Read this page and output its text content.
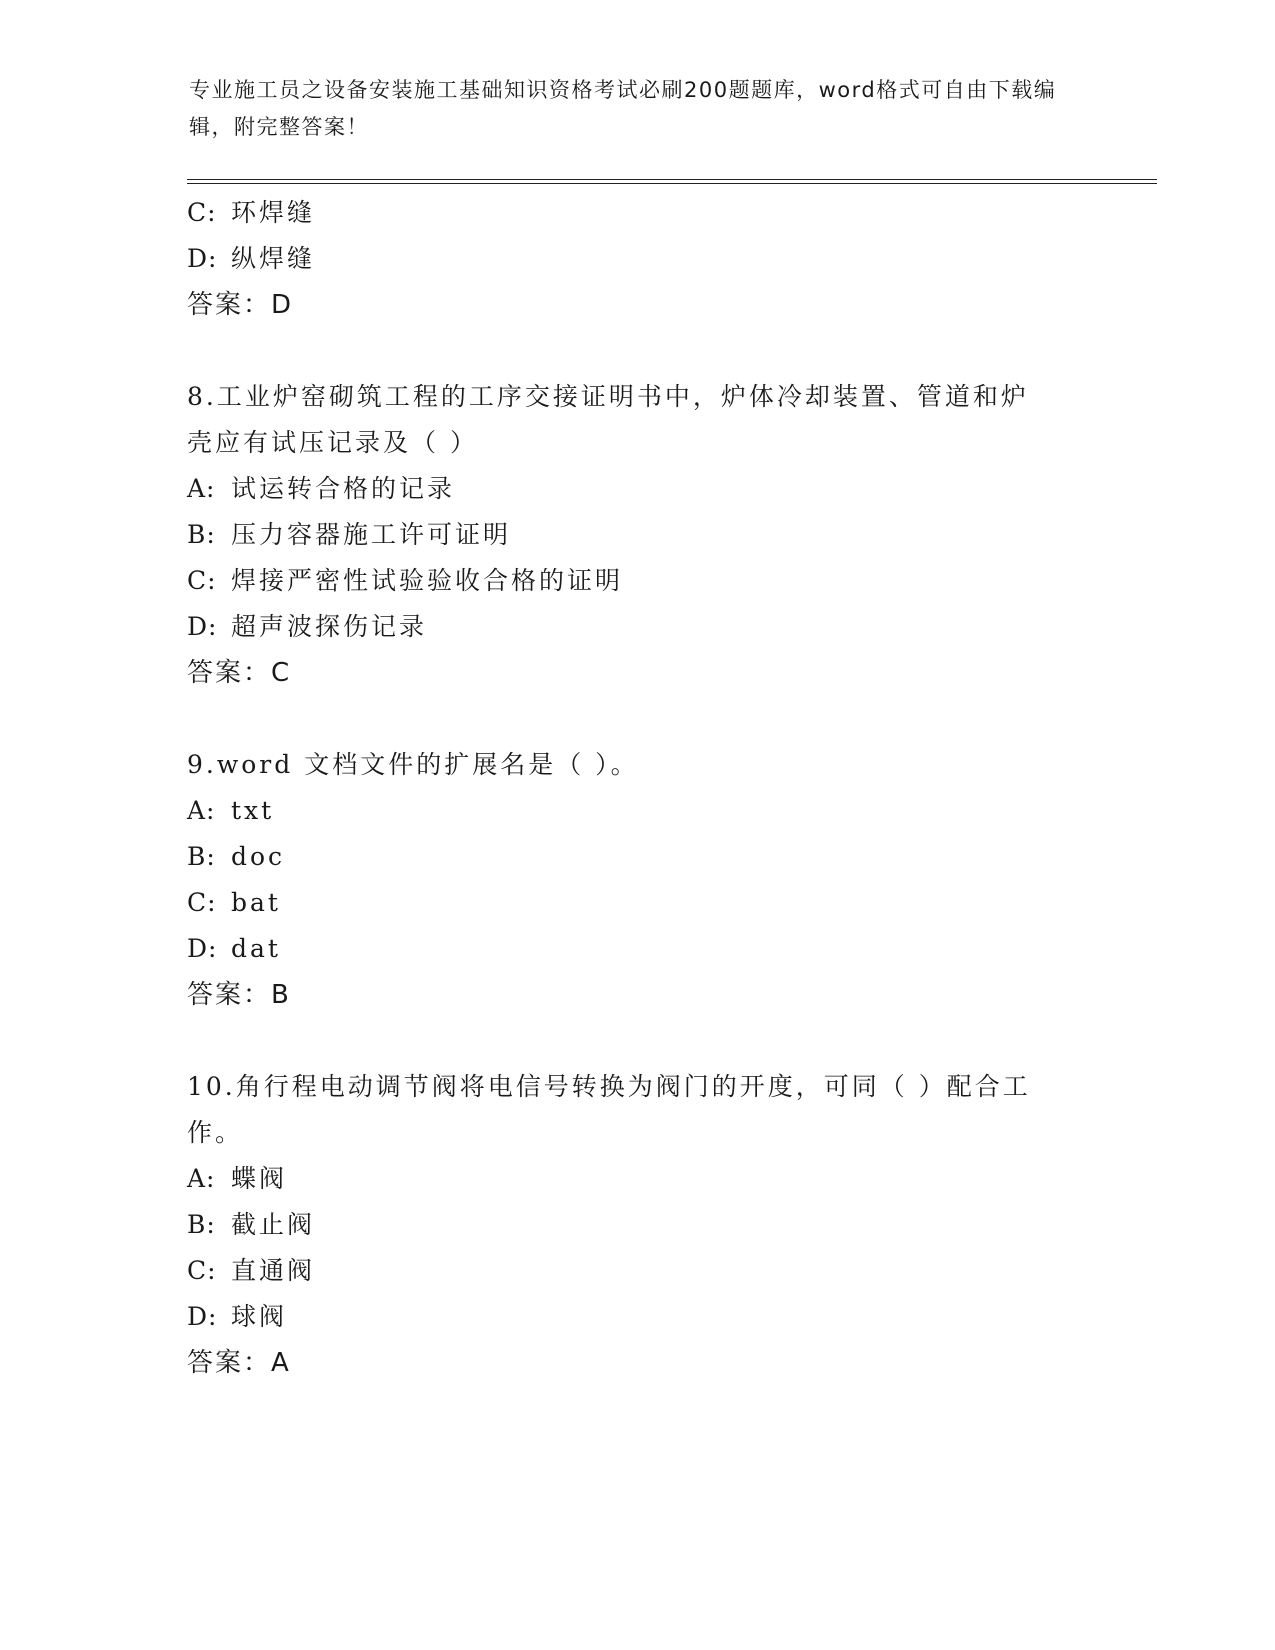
专业施工员之设备安装施工基础知识资格考试必刷200题题库，word格式可自由下载编辑，附完整答案！
C: 环焊缝
D: 纵焊缝
答案：D
8.工业炉窑砌筑工程的工序交接证明书中，炉体冷却装置、管道和炉
壳应有试压记录及（ ）
A: 试运转合格的记录
B: 压力容器施工许可证明
C: 焊接严密性试验验收合格的证明
D: 超声波探伤记录
答案：C
9.word 文档文件的扩展名是（ ）。
A: txt
B: doc
C: bat
D: dat
答案：B
10.角行程电动调节阀将电信号转换为阀门的开度，可同（ ）配合工
作。
A: 蝶阀
B: 截止阀
C: 直通阀
D: 球阀
答案：A
